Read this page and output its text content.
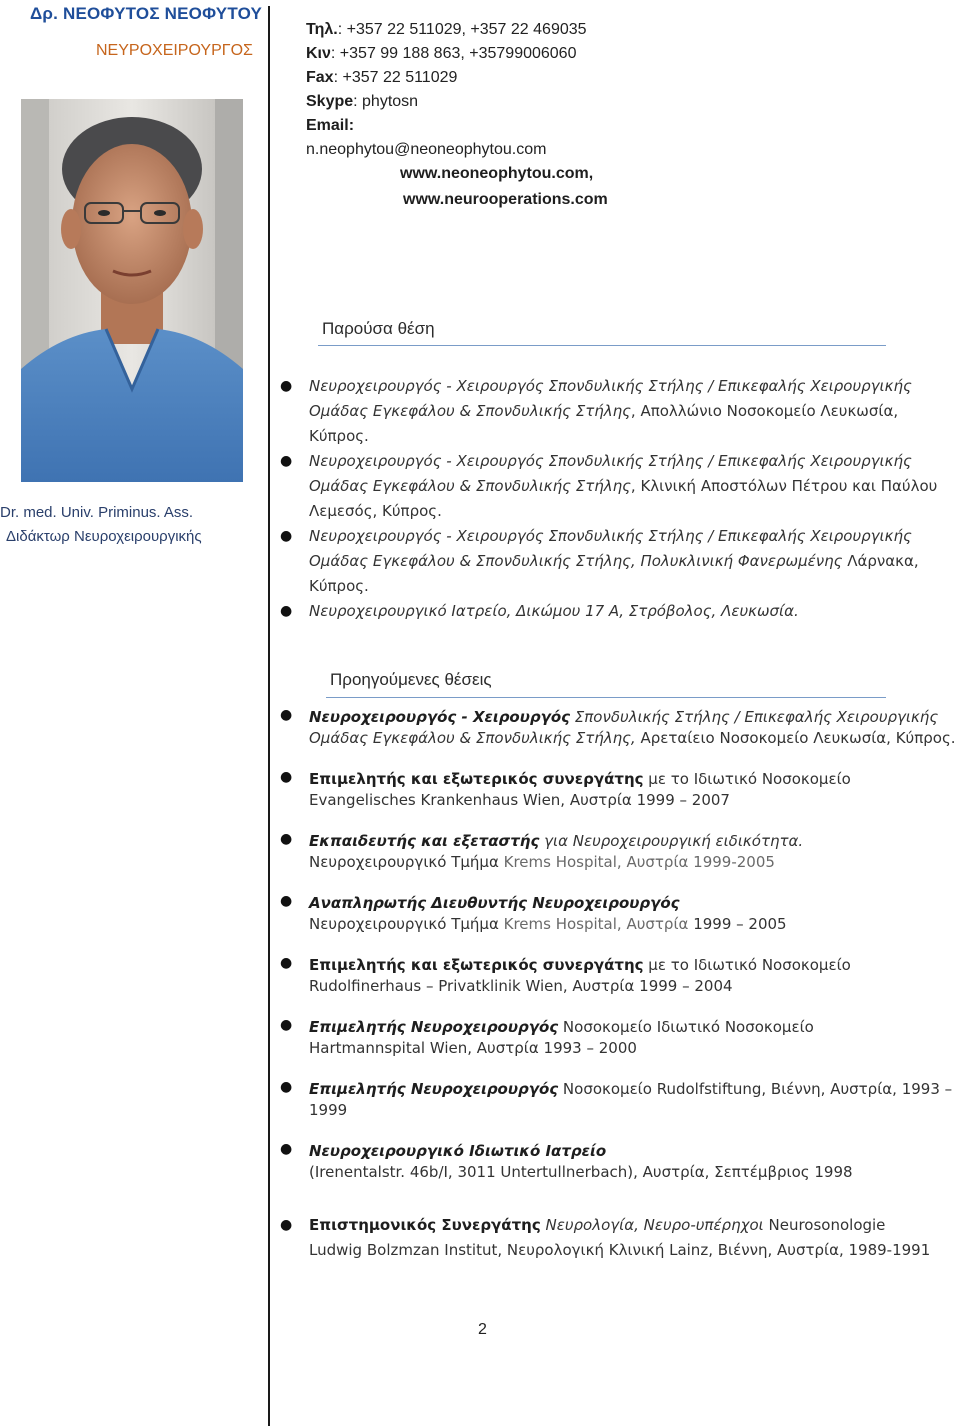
Δρ. ΝΕΟΦΥΤΟΣ ΝΕΟΦΥΤΟΥ
ΝΕΥΡΟΧΕΙΡΟΥΡΓΟΣ
Dr. med. Univ. Priminus. Ass.
Διδάκτωρ Νευροχειρουργικής
Τηλ.: +357 22 511029, +357 22 469035
Κιν: +357 99 188 863, +35799006060
Fax: +357 22 511029
Skype: phytosn
Email:
n.neophytou@neoneophytou.com
www.neoneophytou.com,
www.neurooperations.com
Παρούσα θέση
● Νευροχειρουργός - Χειρουργός Σπονδυλικής Στήλης / Επικεφαλής Χειρουργικής Ομάδας Εγκεφάλου & Σπονδυλικής Στήλης, Απολλώνιο Νοσοκομείο Λευκωσία, Κύπρος.
● Νευροχειρουργός - Χειρουργός Σπονδυλικής Στήλης / Επικεφαλής Χειρουργικής Ομάδας Εγκεφάλου & Σπονδυλικής Στήλης, Κλινική Αποστόλων Πέτρου και Παύλου Λεμεσός, Κύπρος.
● Νευροχειρουργός - Χειρουργός Σπονδυλικής Στήλης / Επικεφαλής Χειρουργικής Ομάδας Εγκεφάλου & Σπονδυλικής Στήλης, Πολυκλινική Φανερωμένης Λάρνακα, Κύπρος.
● Νευροχειρουργικό Ιατρείο, Δικώμου 17 Α, Στρόβολος, Λευκωσία.
Προηγούμενες θέσεις
● Νευροχειρουργός - Χειρουργός Σπονδυλικής Στήλης / Επικεφαλής Χειρουργικής Ομάδας Εγκεφάλου & Σπονδυλικής Στήλης, Αρεταίειο Νοσοκομείο Λευκωσία, Κύπρος.
● Επιμελητής και εξωτερικός συνεργάτης με το Ιδιωτικό Νοσοκομείο
Evangelisches Krankenhaus Wien, Αυστρία 1999 – 2007
● Εκπαιδευτής και εξεταστής για Νευροχειρουργική ειδικότητα.
Νευροχειρουργικό Τμήμα Krems Hospital, Αυστρία 1999-2005
● Αναπληρωτής Διευθυντής Νευροχειρουργός
Νευροχειρουργικό Τμήμα Krems Hospital, Αυστρία 1999 – 2005
● Επιμελητής και εξωτερικός συνεργάτης με το Ιδιωτικό Νοσοκομείο
Rudolfinerhaus – Privatklinik Wien, Αυστρία 1999 – 2004
● Επιμελητής Νευροχειρουργός Νοσοκομείο Ιδιωτικό Νοσοκομείο
Hartmannspital Wien, Αυστρία 1993 – 2000
● Επιμελητής Νευροχειρουργός Νοσοκομείο Rudolfstiftung, Βιέννη, Αυστρία, 1993 – 1999
● Νευροχειρουργικό Ιδιωτικό Ιατρείο
(Irenentalstr. 46b/I, 3011 Untertullnerbach), Αυστρία, Σεπτέμβριος 1998
● Επιστημονικός Συνεργάτης Νευρολογία, Νευρο-υπέρηχοι Neurosonologie
Ludwig Bolzmzan Institut, Νευρολογική Κλινική Lainz, Βιέννη, Αυστρία, 1989-1991
2
